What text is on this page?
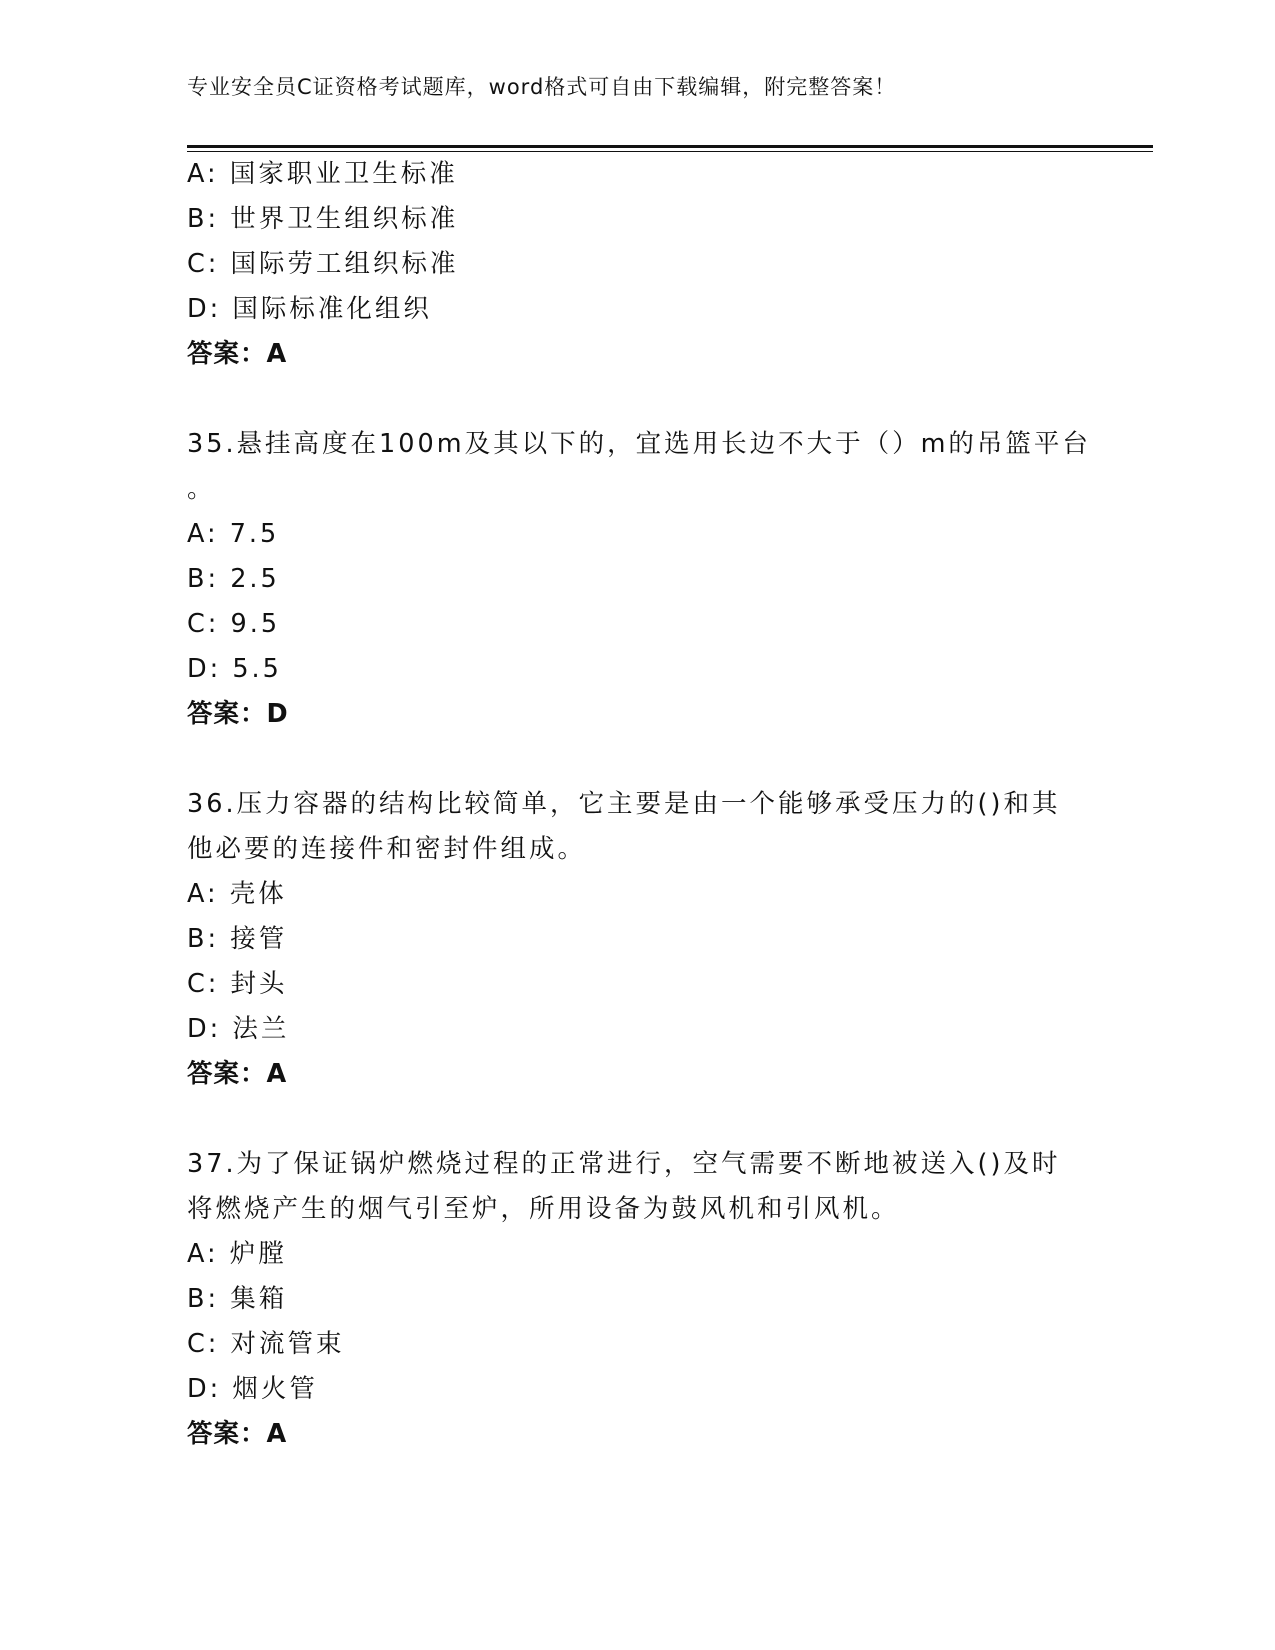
专业安全员C证资格考试题库，word格式可自由下载编辑，附完整答案！
A: 国家职业卫生标准
B: 世界卫生组织标准
C: 国际劳工组织标准
D: 国际标准化组织
答案：A
35.悬挂高度在100m及其以下的，宜选用长边不大于（）m的吊篮平台
。
A: 7.5
B: 2.5
C: 9.5
D: 5.5
答案：D
36.压力容器的结构比较简单，它主要是由一个能够承受压力的()和其
他必要的连接件和密封件组成。
A: 壳体
B: 接管
C: 封头
D: 法兰
答案：A
37.为了保证锅炉燃烧过程的正常进行，空气需要不断地被送入()及时
将燃烧产生的烟气引至炉，所用设备为鼓风机和引风机。
A: 炉膛
B: 集箱
C: 对流管束
D: 烟火管
答案：A
